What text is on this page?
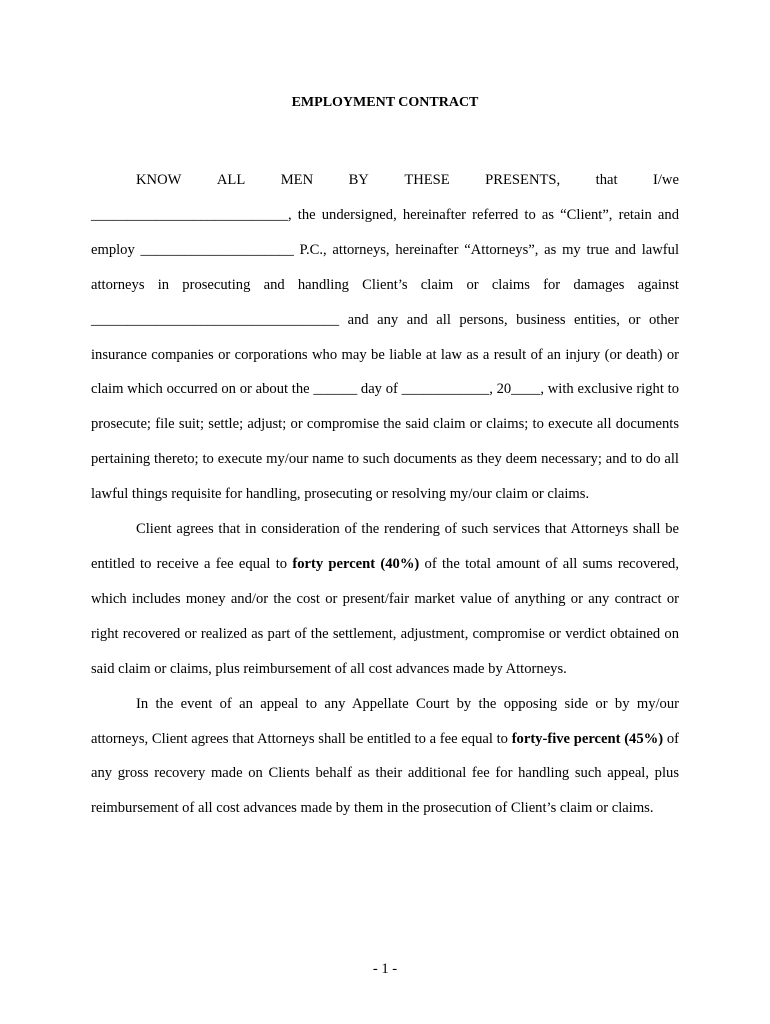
EMPLOYMENT CONTRACT
KNOW ALL MEN BY THESE PRESENTS, that I/we

___________________________, the undersigned, hereinafter referred to as “Client”, retain and employ _____________________ P.C., attorneys, hereinafter “Attorneys”, as my true and lawful attorneys in prosecuting and handling Client’s claim or claims for damages against __________________________________ and any and all persons, business entities, or other insurance companies or corporations who may be liable at law as a result of an injury (or death) or claim which occurred on or about the ______ day of ____________, 20____, with exclusive right to prosecute; file suit; settle; adjust; or compromise the said claim or claims; to execute all documents pertaining thereto; to execute my/our name to such documents as they deem necessary; and to do all lawful things requisite for handling, prosecuting or resolving my/our claim or claims.

Client agrees that in consideration of the rendering of such services that Attorneys shall be entitled to receive a fee equal to forty percent (40%) of the total amount of all sums recovered, which includes money and/or the cost or present/fair market value of anything or any contract or right recovered or realized as part of the settlement, adjustment, compromise or verdict obtained on said claim or claims, plus reimbursement of all cost advances made by Attorneys.

In the event of an appeal to any Appellate Court by the opposing side or by my/our attorneys, Client agrees that Attorneys shall be entitled to a fee equal to forty-five percent (45%) of any gross recovery made on Clients behalf as their additional fee for handling such appeal, plus reimbursement of all cost advances made by them in the prosecution of Client’s claim or claims.

- 1 -
